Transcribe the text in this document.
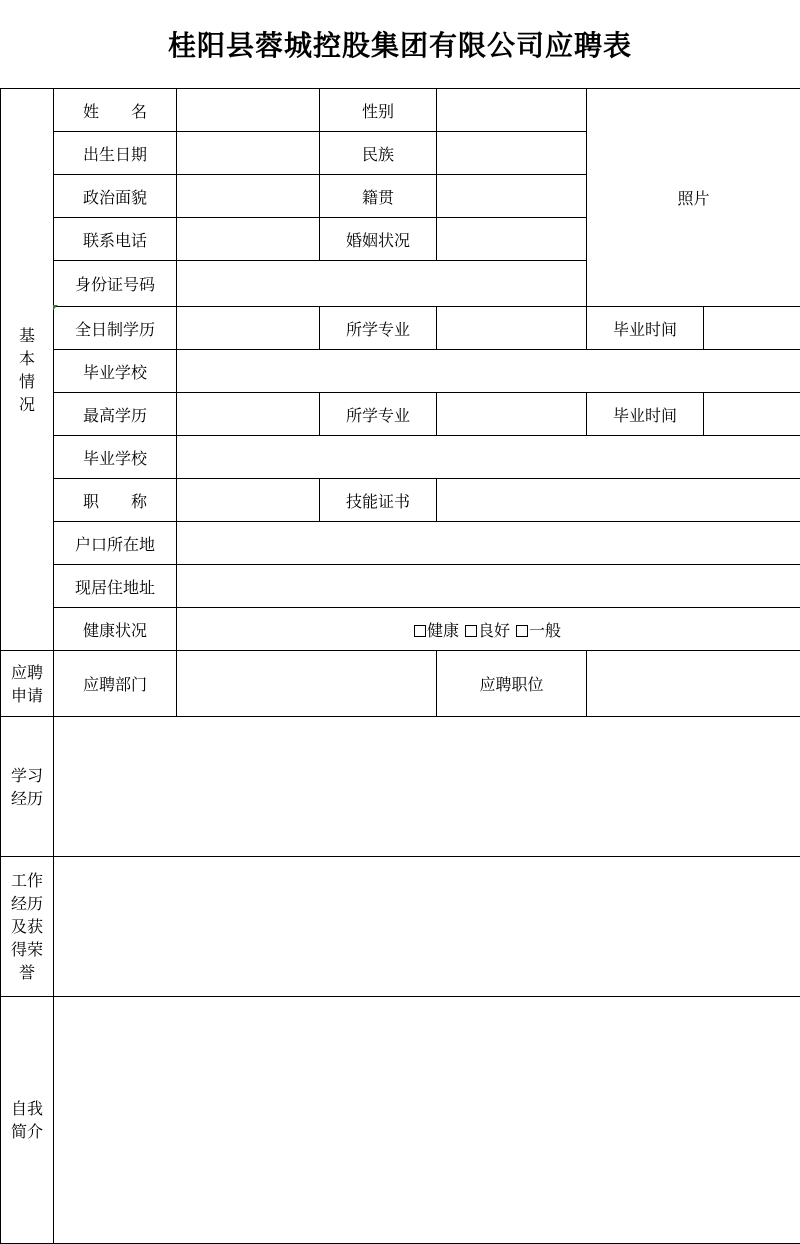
桂阳县蓉城控股集团有限公司应聘表
基本情况	姓　　名		性别		照片	
	出生日期		民族			
	政治面貌		籍贯			
	联系电话		婚姻状况			
	身份证号码					
	全日制学历		所学专业		毕业时间	
	毕业学校					
	最高学历		所学专业		毕业时间	
	毕业学校					
	职　　称		技能证书			
	户口所在地					
	现居住地址					
	健康状况	健康 良好 一般				
应聘申请	应聘部门			应聘职位		
学习经历						
工作经历及获得荣誉						
自我简介						
